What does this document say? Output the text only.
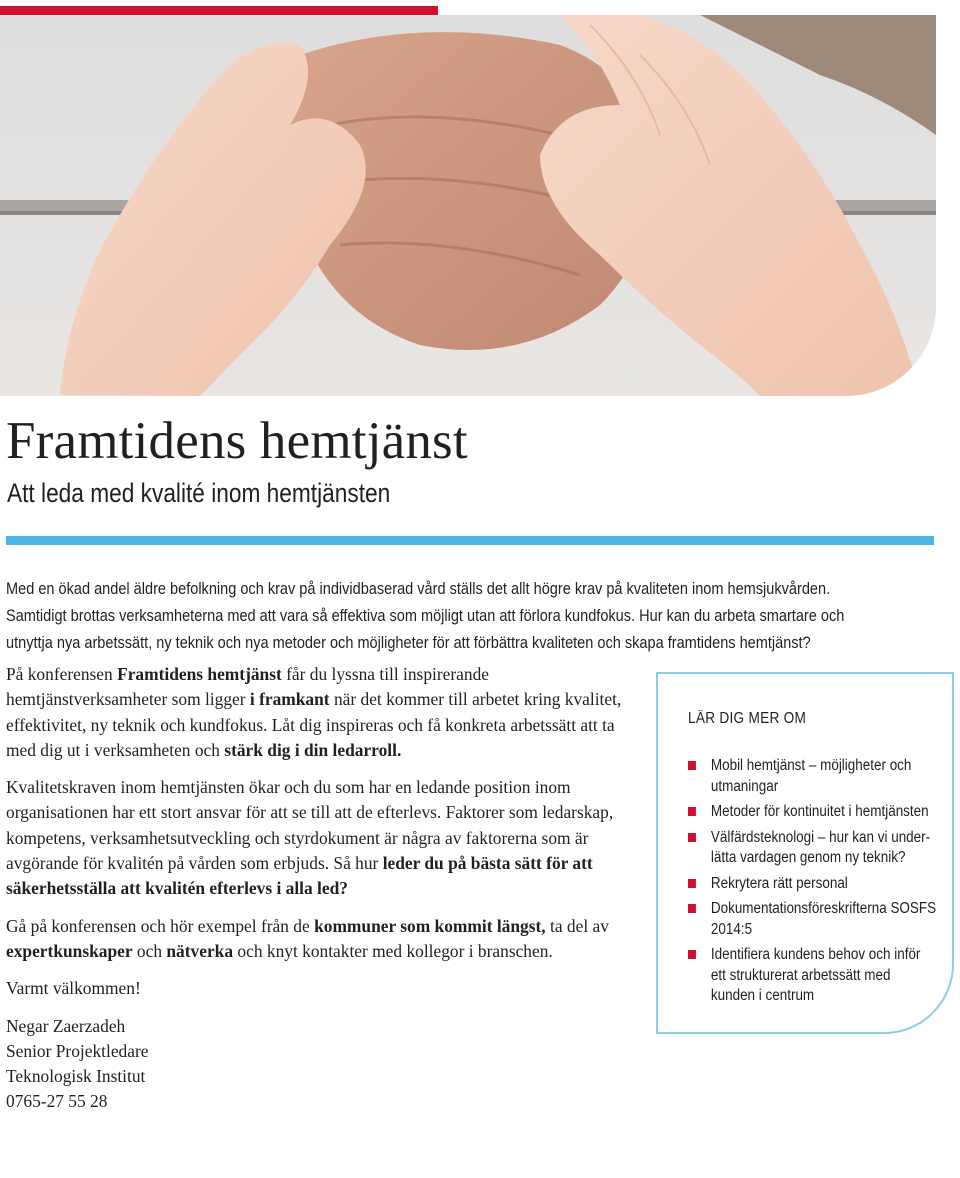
Framtidens hemtjänst
Att leda med kvalité inom hemtjänsten

Med en ökad andel äldre befolkning och krav på individbaserad vård ställs det allt högre krav på kvaliteten inom hemsjukvården.
Samtidigt brottas verksamheterna med att vara så effektiva som möjligt utan att förlora kundfokus. Hur kan du arbeta smartare och
utnyttja nya arbetssätt, ny teknik och nya metoder och möjligheter för att förbättra kvaliteten och skapa framtidens hemtjänst?

På konferensen Framtidens hemtjänst får du lyssna till inspirerande hemtjänstverksamheter som ligger i framkant när det kommer till arbetet kring kvalitet, effektivitet, ny teknik och kundfokus. Låt dig inspireras och få konkreta arbetssätt att ta med dig ut i verksamheten och stärk dig i din ledarroll.

Kvalitetskraven inom hemtjänsten ökar och du som har en ledande position inom organisationen har ett stort ansvar för att se till att de efterlevs. Faktorer som ledarskap, kompetens, verksamhetsutveckling och styrdokument är några av faktorerna som är avgörande för kvalitén på vården som erbjuds. Så hur leder du på bästa sätt för att säkerhetsställa att kvalitén efterlevs i alla led?

Gå på konferensen och hör exempel från de kommuner som kommit längst, ta del av expertkunskaper och nätverka och knyt kontakter med kollegor i branschen.

Varmt välkommen!

Negar Zaerzadeh
Senior Projektledare
Teknologisk Institut
0765-27 55 28
LÄR DIG MER OM
Mobil hemtjänst – möjligheter och
utmaningar
Metoder för kontinuitet i hemtjänsten
Välfärdsteknologi – hur kan vi under-
lätta vardagen genom ny teknik?
Rekrytera rätt personal
Dokumentationsföreskrifterna SOSFS
2014:5
Identifiera kundens behov och inför
ett strukturerat arbetssätt med
kunden i centrum
